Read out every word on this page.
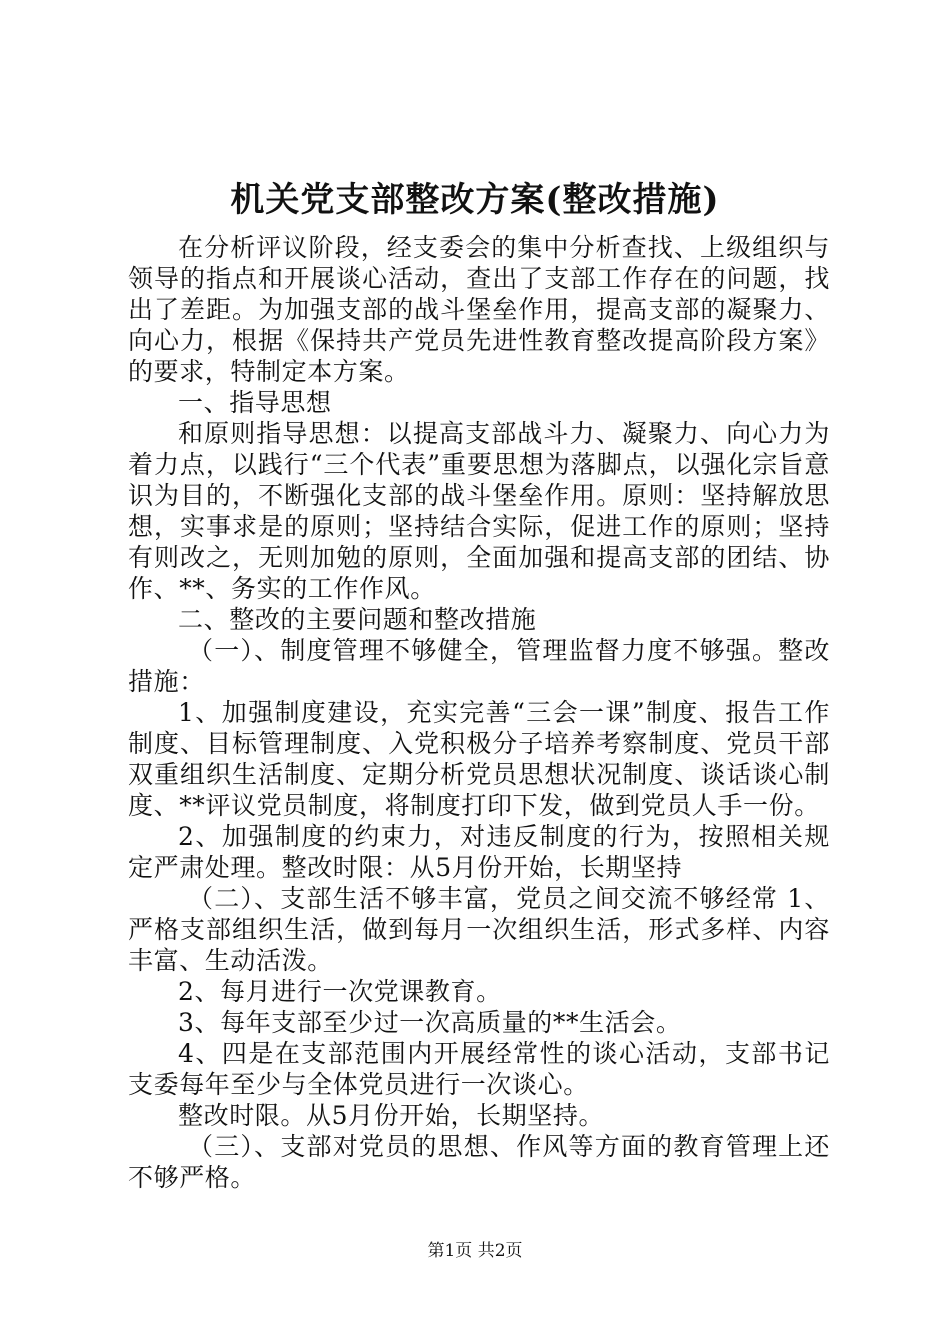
机关党支部整改方案(整改措施)

在分析评议阶段，经支委会的集中分析查找、上级组织与领导的指点和开展谈心活动，查出了支部工作存在的问题，找出了差距。为加强支部的战斗堡垒作用，提高支部的凝聚力、向心力，根据《保持共产党员先进性教育整改提高阶段方案》的要求，特制定本方案。

一、指导思想

和原则指导思想：以提高支部战斗力、凝聚力、向心力为着力点，以践行“三个代表”重要思想为落脚点，以强化宗旨意识为目的，不断强化支部的战斗堡垒作用。原则：坚持解放思想，实事求是的原则；坚持结合实际，促进工作的原则；坚持有则改之，无则加勉的原则，全面加强和提高支部的团结、协作、**、务实的工作作风。

二、整改的主要问题和整改措施

（一）、制度管理不够健全，管理监督力度不够强。整改措施：

1、加强制度建设，充实完善“三会一课”制度、报告工作制度、目标管理制度、入党积极分子培养考察制度、党员干部双重组织生活制度、定期分析党员思想状况制度、谈话谈心制度、**评议党员制度，将制度打印下发，做到党员人手一份。

2、加强制度的约束力，对违反制度的行为，按照相关规定严肃处理。整改时限：从5月份开始，长期坚持

（二）、支部生活不够丰富，党员之间交流不够经常 1、严格支部组织生活，做到每月一次组织生活，形式多样、内容丰富、生动活泼。

2、每月进行一次党课教育。

3、每年支部至少过一次高质量的**生活会。

4、四是在支部范围内开展经常性的谈心活动，支部书记支委每年至少与全体党员进行一次谈心。

整改时限。从5月份开始，长期坚持。

（三）、支部对党员的思想、作风等方面的教育管理上还不够严格。

第1页 共2页
